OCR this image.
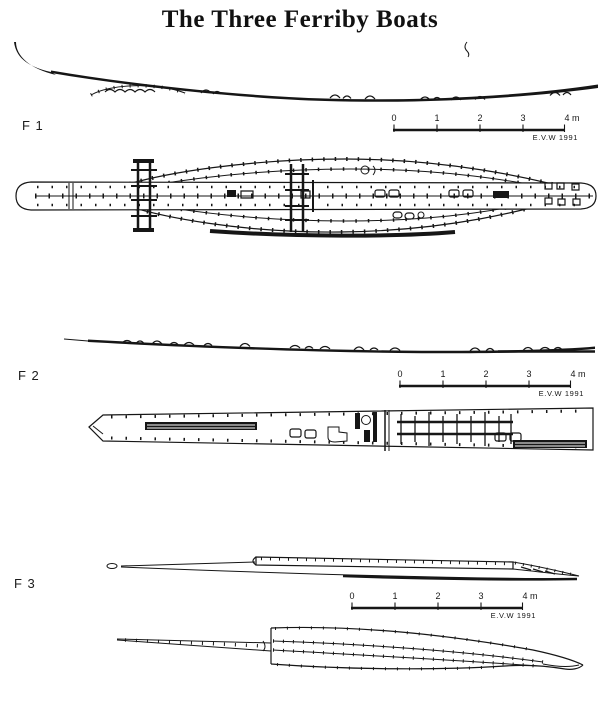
The Three Ferriby Boats
F 1	0	1	2	3	4 m
E.V.W 1991
F 2	0	1	2	3	4 m
E.V.W 1991
F 3
0	1	2	3	4 m
E.V.W 1991
